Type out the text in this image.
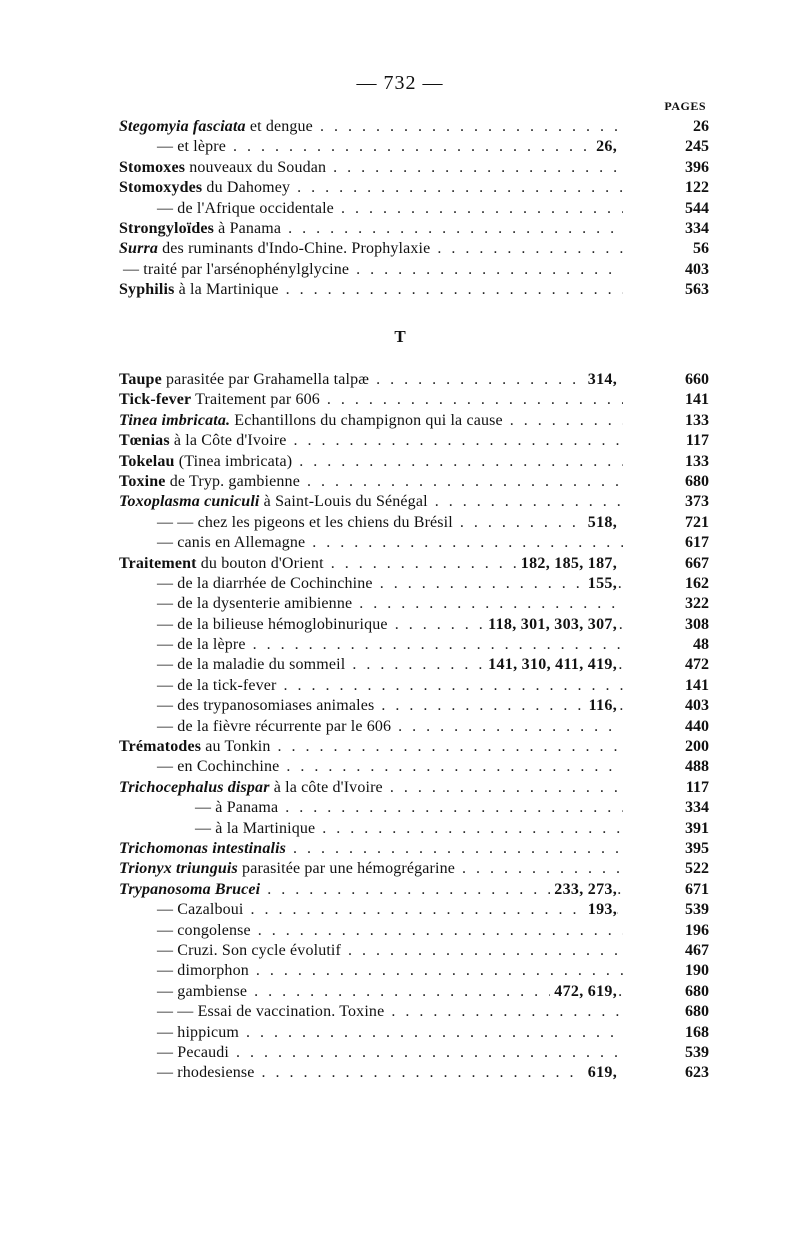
— 732 —
PAGES
Stegomyia fasciata et dengue . . .	26
— et lèpre . . .	26,	245
Stomoxes nouveaux du Soudan . . .	396
Stomoxydes du Dahomey . . .	122
— de l'Afrique occidentale . . .	544
Strongyloïdes à Panama . . .	334
Surra des ruminants d'Indo-Chine. Prophylaxie . . .	56
— traité par l'arsénophénylglycine . . .	403
Syphilis à la Martinique . . .	563
T
Taupe parasitée par Grahamella talpæ . . .	314,	660
Tick-fever Traitement par 606 . . .	141
Tinea imbricata. Echantillons du champignon qui la cause . . .	133
Tœnias à la Côte d'Ivoire . . .	117
Tokelau (Tinea imbricata) . . .	133
Toxine de Tryp. gambienne . . .	680
Toxoplasma cuniculi à Saint-Louis du Sénégal . . .	373
— — chez les pigeons et les chiens du Brésil . . .	518,	721
— canis en Allemagne . . .	617
Traitement du bouton d'Orient . . .	182, 185, 187,	667
— de la diarrhée de Cochinchine . . .	155,	162
— de la dysenterie amibienne . . .	322
— de la bilieuse hémoglobinurique . . .	118, 301, 303, 307,	308
— de la lèpre . . .	48
— de la maladie du sommeil . . .	141, 310, 411, 419,	472
— de la tick-fever . . .	141
— des trypanosomiases animales . . .	116,	403
— de la fièvre récurrente par le 606 . . .	440
Trématodes au Tonkin . . .	200
— en Cochinchine . . .	488
Trichocephalus dispar à la côte d'Ivoire . . .	117
— à Panama . . .	334
— à la Martinique . . .	391
Trichomonas intestinalis . . .	395
Trionyx triunguis parasitée par une hémogrégarine . . .	522
Trypanosoma Brucei . . .	233, 273,	671
— Cazalboui . . .	193,	539
— congolense . . .	196
— Cruzi. Son cycle évolutif . . .	467
— dimorphon . . .	190
— gambiense . . .	472, 619,	680
— — Essai de vaccination. Toxine . . .	680
— hippicum . . .	168
— Pecaudi . . .	539
— rhodesiense . . .	619,	623
